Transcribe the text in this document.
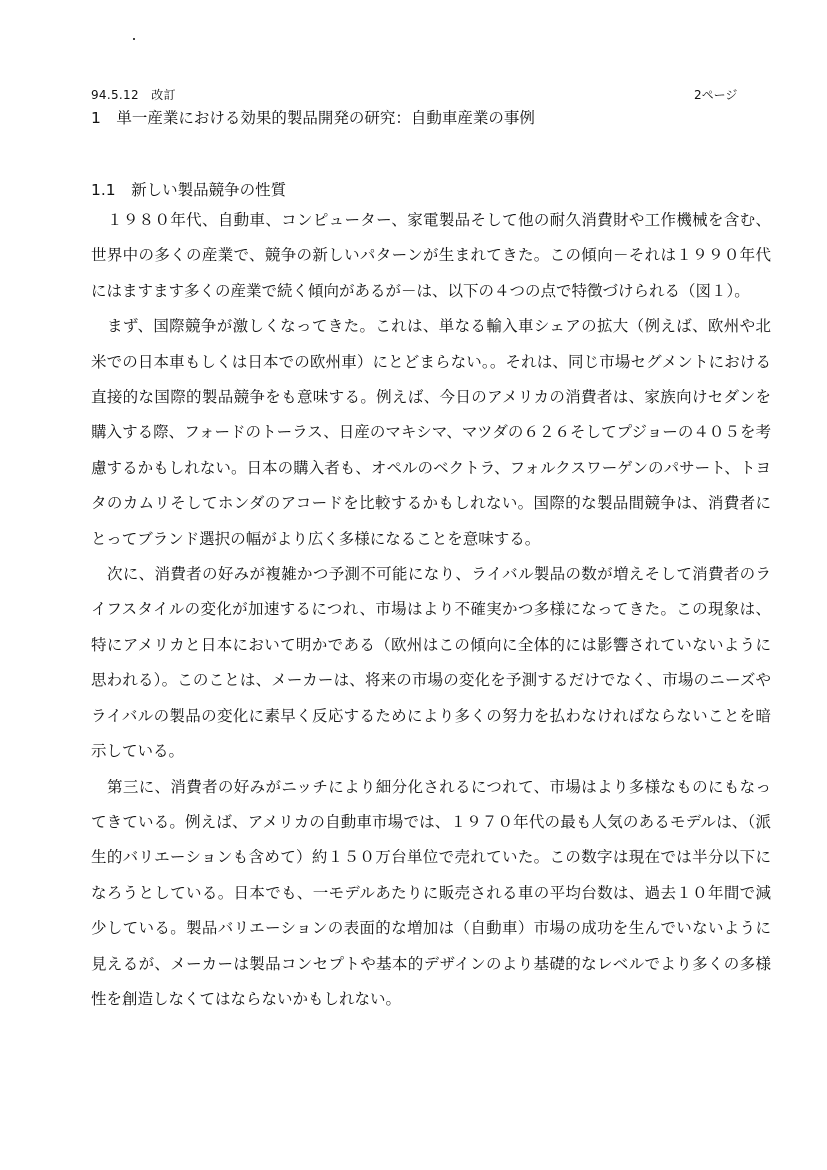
94.5.12　改訂	2ページ
1　単一産業における効果的製品開発の研究：自動車産業の事例
1.1　新しい製品競争の性質

１９８０年代、自動車、コンピューター、家電製品そして他の耐久消費財や工作機械を含む、世界中の多くの産業で、競争の新しいパターンが生まれてきた。この傾向－それは１９９０年代にはますます多くの産業で続く傾向があるが－は、以下の４つの点で特徴づけられる（図１）。

まず、国際競争が激しくなってきた。これは、単なる輸入車シェアの拡大（例えば、欧州や北米での日本車もしくは日本での欧州車）にとどまらない。。それは、同じ市場セグメントにおける直接的な国際的製品競争をも意味する。例えば、今日のアメリカの消費者は、家族向けセダンを購入する際、フォードのトーラス、日産のマキシマ、マツダの６２６そしてプジョーの４０５を考慮するかもしれない。日本の購入者も、オペルのベクトラ、フォルクスワーゲンのパサート、トヨタのカムリそしてホンダのアコードを比較するかもしれない。国際的な製品間競争は、消費者にとってブランド選択の幅がより広く多様になることを意味する。

次に、消費者の好みが複雑かつ予測不可能になり、ライバル製品の数が増えそして消費者のライフスタイルの変化が加速するにつれ、市場はより不確実かつ多様になってきた。この現象は、特にアメリカと日本において明かである（欧州はこの傾向に全体的には影響されていないように思われる）。このことは、メーカーは、将来の市場の変化を予測するだけでなく、市場のニーズやライバルの製品の変化に素早く反応するためにより多くの努力を払わなければならないことを暗示している。

第三に、消費者の好みがニッチにより細分化されるにつれて、市場はより多様なものにもなってきている。例えば、アメリカの自動車市場では、１９７０年代の最も人気のあるモデルは、（派生的バリエーションも含めて）約１５０万台単位で売れていた。この数字は現在では半分以下になろうとしている。日本でも、一モデルあたりに販売される車の平均台数は、過去１０年間で減少している。製品バリエーションの表面的な増加は（自動車）市場の成功を生んでいないように見えるが、メーカーは製品コンセプトや基本的デザインのより基礎的なレベルでより多くの多様性を創造しなくてはならないかもしれない。
